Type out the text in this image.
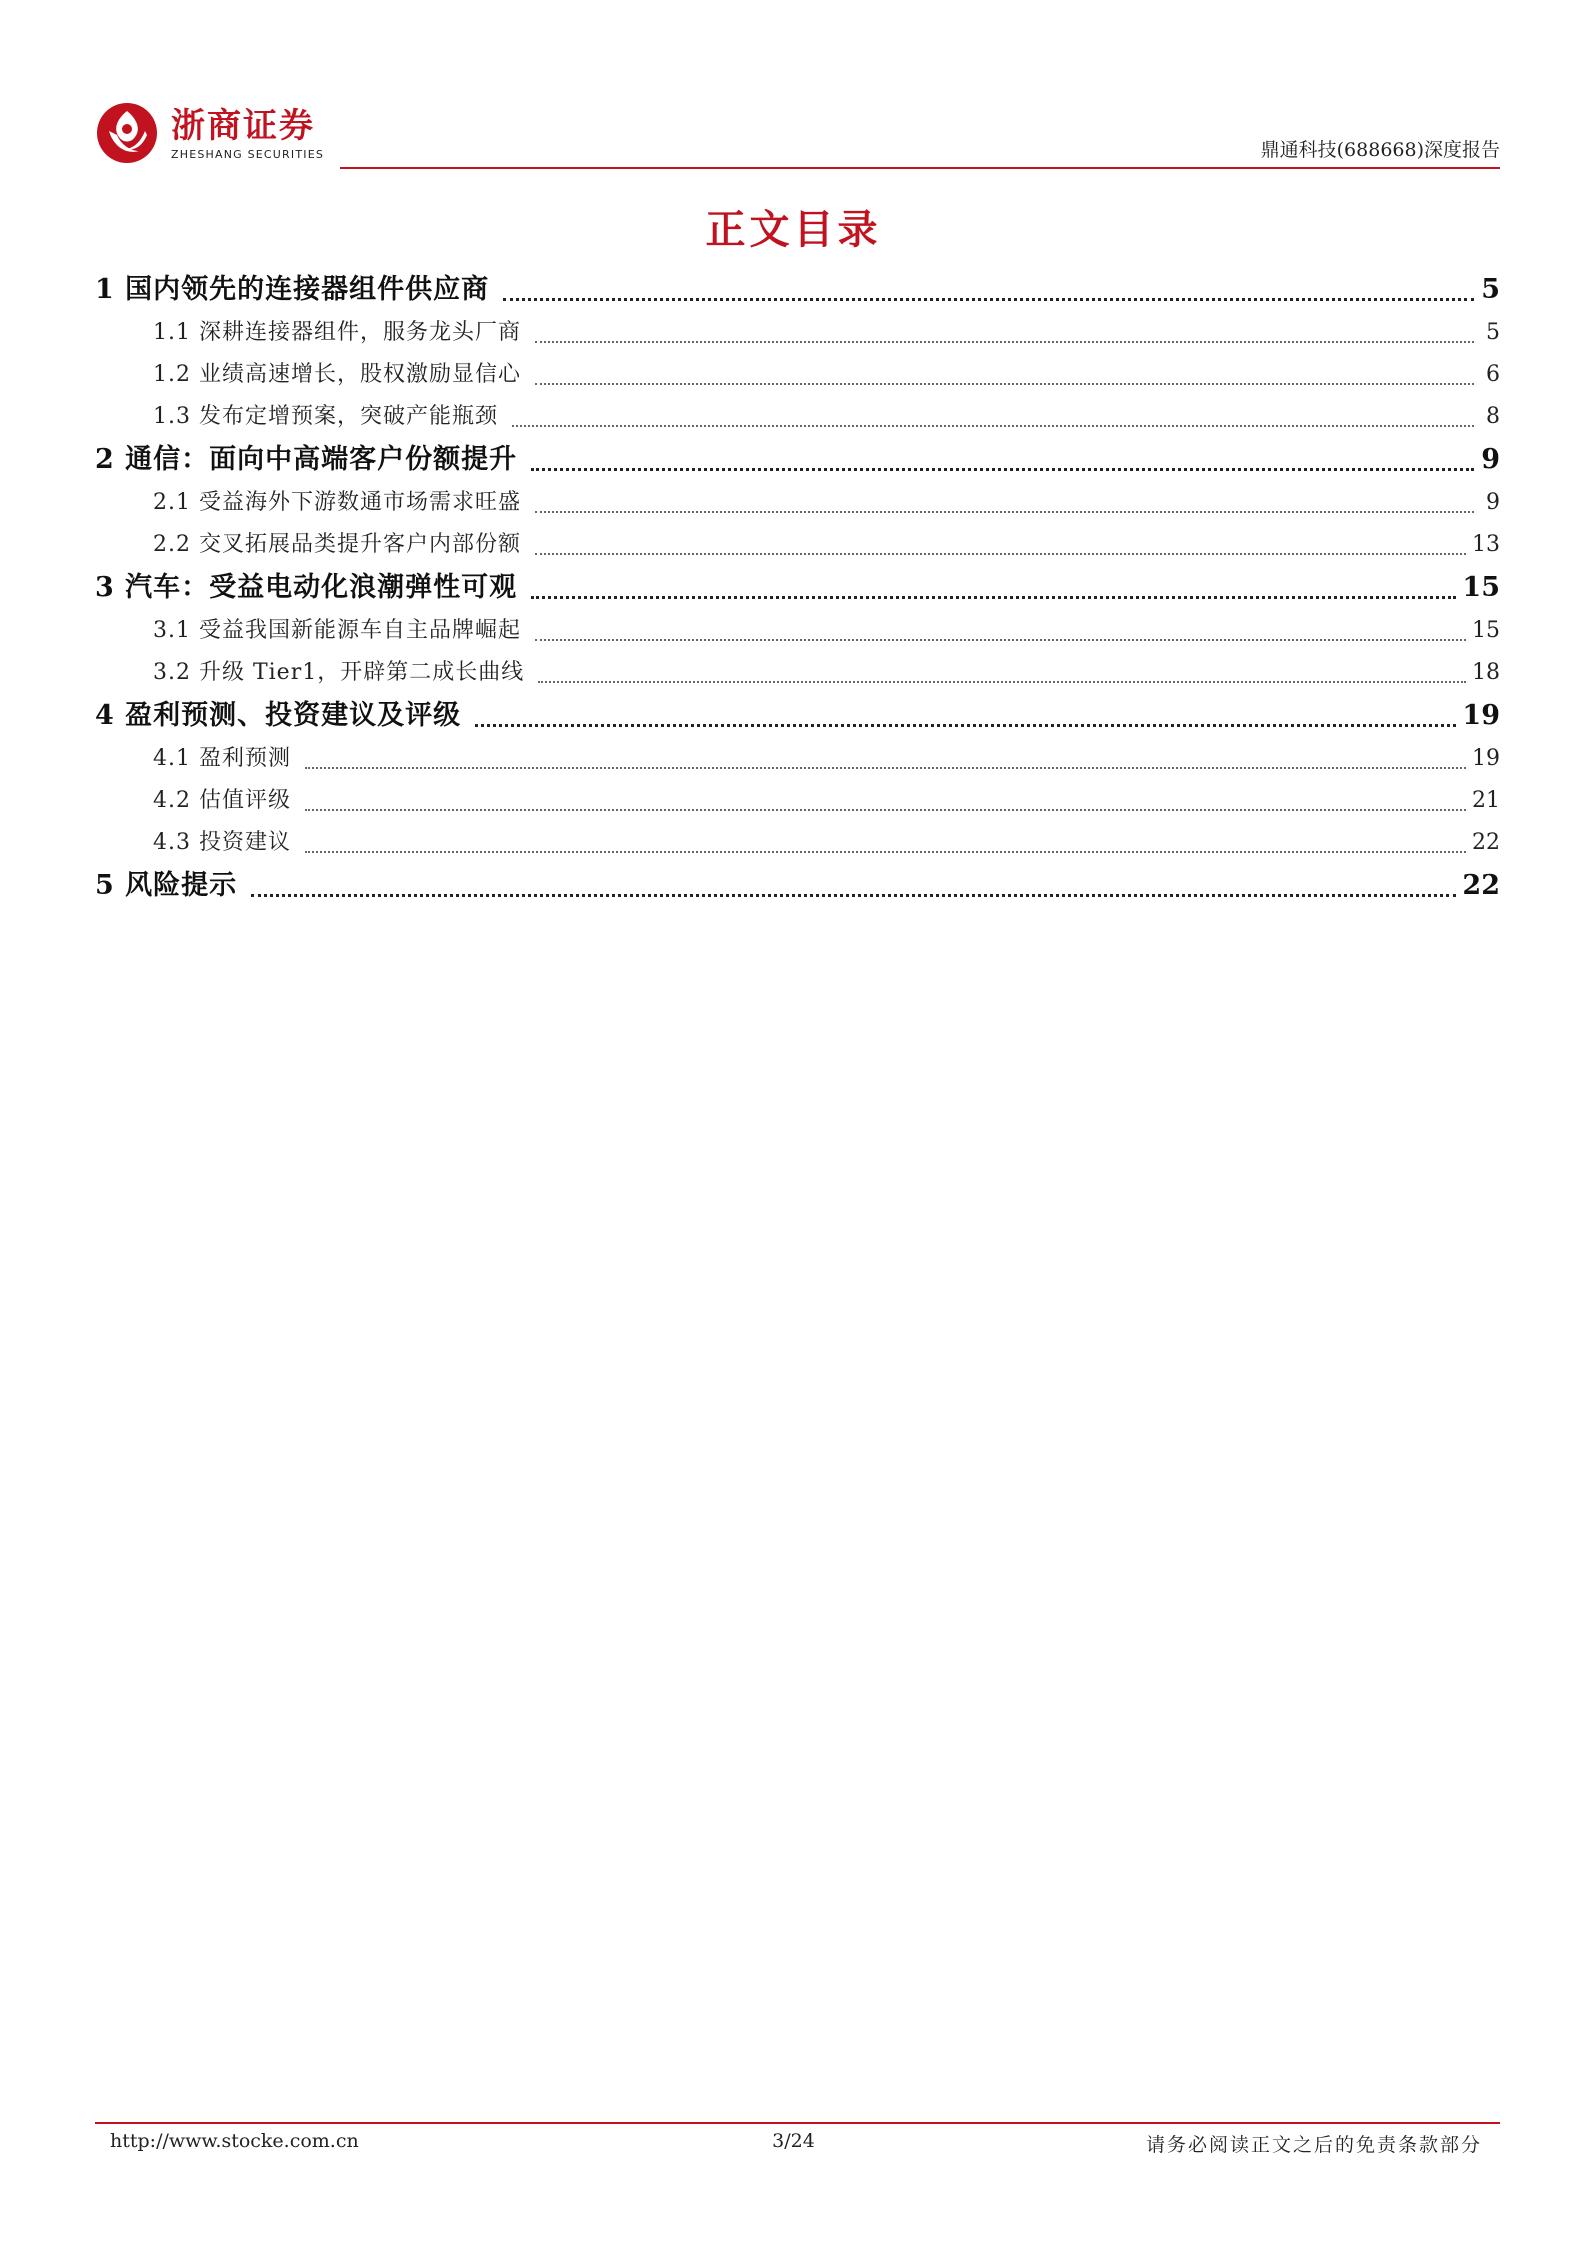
浙商证券
ZHESHANG SECURITIES	鼎通科技(688668)深度报告
正文目录
1 国内领先的连接器组件供应商	5
1.1 深耕连接器组件，服务龙头厂商	5
1.2 业绩高速增长，股权激励显信心	6
1.3 发布定增预案，突破产能瓶颈	8
2 通信：面向中高端客户份额提升	9
2.1 受益海外下游数通市场需求旺盛	9
2.2 交叉拓展品类提升客户内部份额	13
3 汽车：受益电动化浪潮弹性可观	15
3.1 受益我国新能源车自主品牌崛起	15
3.2 升级 Tier1，开辟第二成长曲线	18
4 盈利预测、投资建议及评级	19
4.1 盈利预测	19
4.2 估值评级	21
4.3 投资建议	22
5 风险提示	22
http://www.stocke.com.cn	3/24	请务必阅读正文之后的免责条款部分
